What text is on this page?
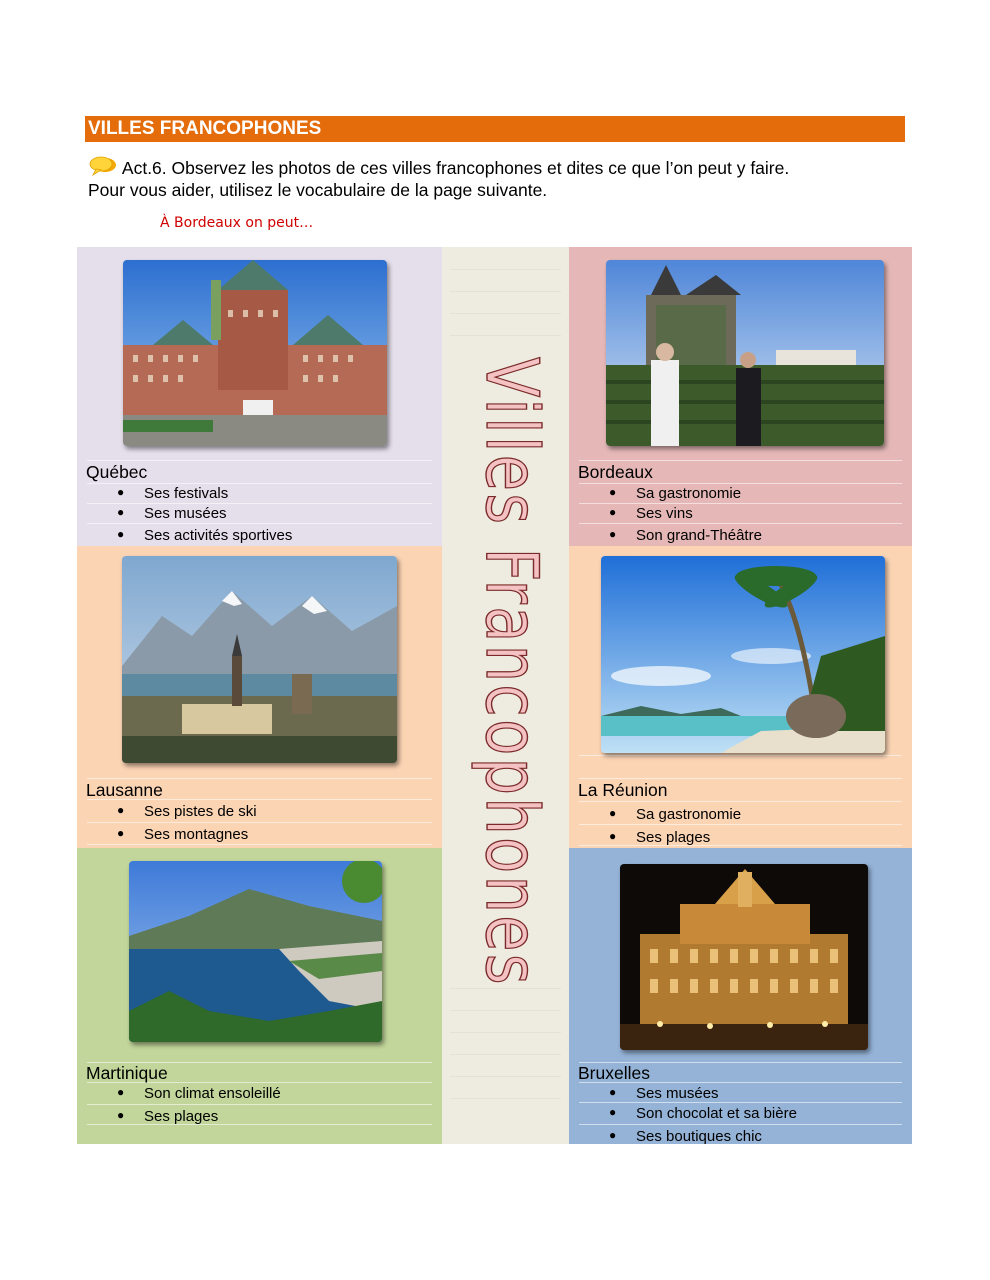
VILLES FRANCOPHONES
Act.6. Observez les photos de ces villes francophones et dites ce que l’on peut y faire.
Pour vous aider, utilisez le vocabulaire de la page suivante.
À Bordeaux on peut…
Québec
● Ses festivals
● Ses musées
● Ses activités sportives
Lausanne
● Ses pistes de ski
● Ses montagnes
Martinique
● Son climat ensoleillé
● Ses plages	Villes Francophones Bordeaux
● Sa gastronomie
● Ses vins
● Son grand-Théâtre
La Réunion
● Sa gastronomie
● Ses plages
Bruxelles
● Ses musées
● Son chocolat et sa bière
● Ses boutiques chic
